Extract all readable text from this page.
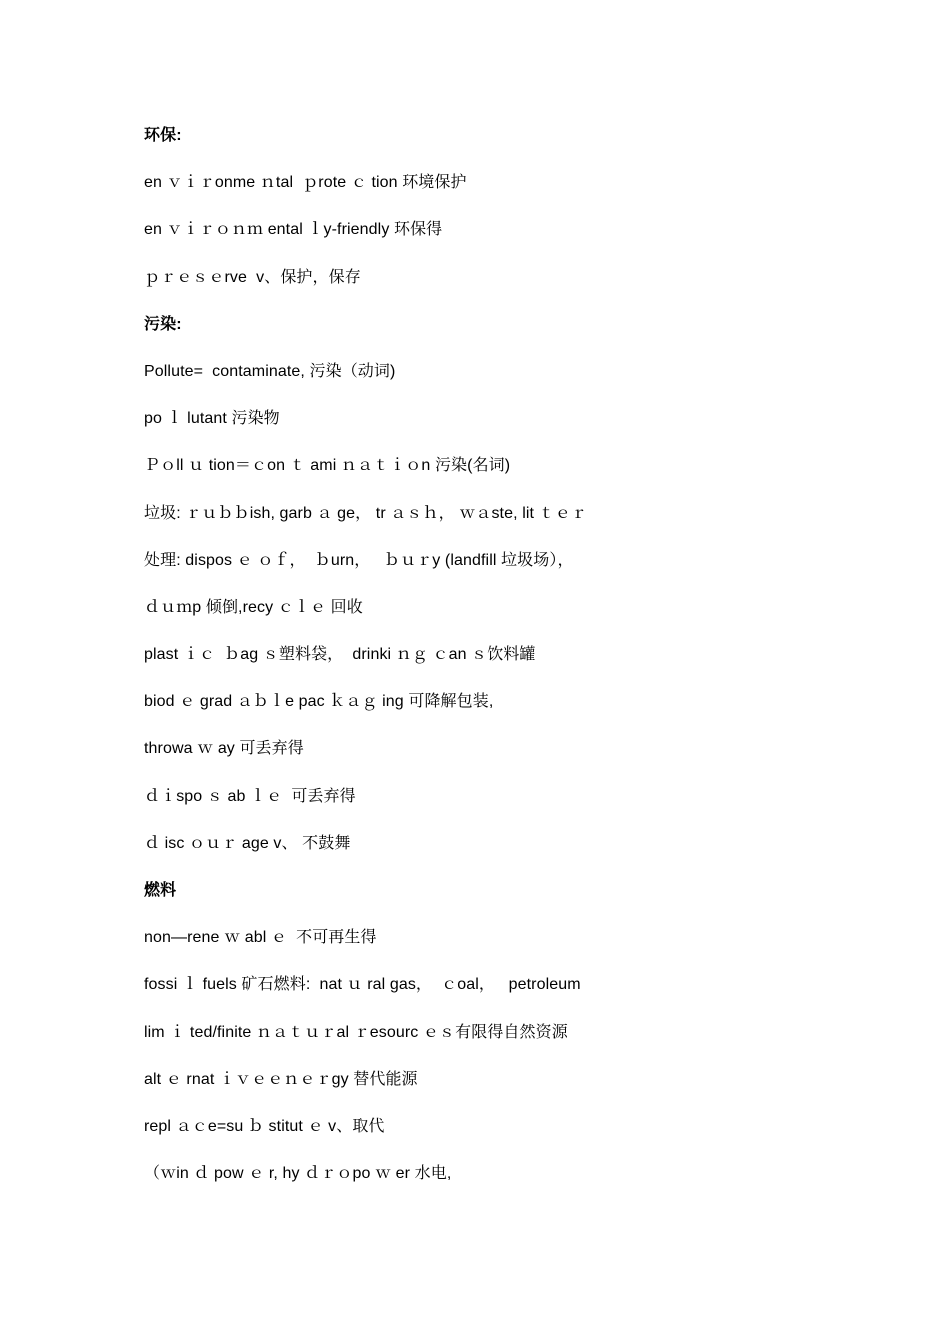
环保:
en ｖｉｒonme ｎtal  ｐrote ｃ tion 环境保护
en ｖｉｒｏｎｍ ental ｌy-friendly 环保得
ｐｒｅｓｅrve  v、保护，保存
污染:
Pollute=  contaminate, 污染（动词)
po ｌ lutant 污染物
Ｐｏll ｕ tion＝ｃon ｔ ami ｎａｔｉｏn 污染(名词)
垃圾: ｒｕｂｂish, garb ａ ge， tr ａｓｈ， ｗａste, lit ｔｅｒ
处理: dispos ｅ ｏｆ，  ｂurn，   ｂｕｒy (landfill 垃圾场），
ｄｕｍp 倾倒,recy ｃｌｅ 回收
plast ｉｃ  ｂag ｓ塑料袋，  drinki ｎｇ ｃan ｓ饮料罐
biod ｅ grad ａｂｌe pac ｋａｇ ing 可降解包装,
throwa ｗ ay 可丢弃得
ｄｉspo ｓ ab ｌｅ  可丢弃得
ｄ isc ｏｕｒ age v、 不鼓舞
燃料
non—rene ｗ abl ｅ  不可再生得
fossi ｌ fuels 矿石燃料:  nat ｕ ral gas，  ｃoal，   petroleum
lim ｉ ted/finite ｎａｔｕｒal ｒesourc ｅｓ有限得自然资源
alt ｅ rnat ｉｖｅｅｎｅｒgy 替代能源
repl ａｃe=su ｂ stitut ｅ v、取代
（ｗin ｄ pow ｅ r, hy ｄｒｏpo ｗ er 水电,
